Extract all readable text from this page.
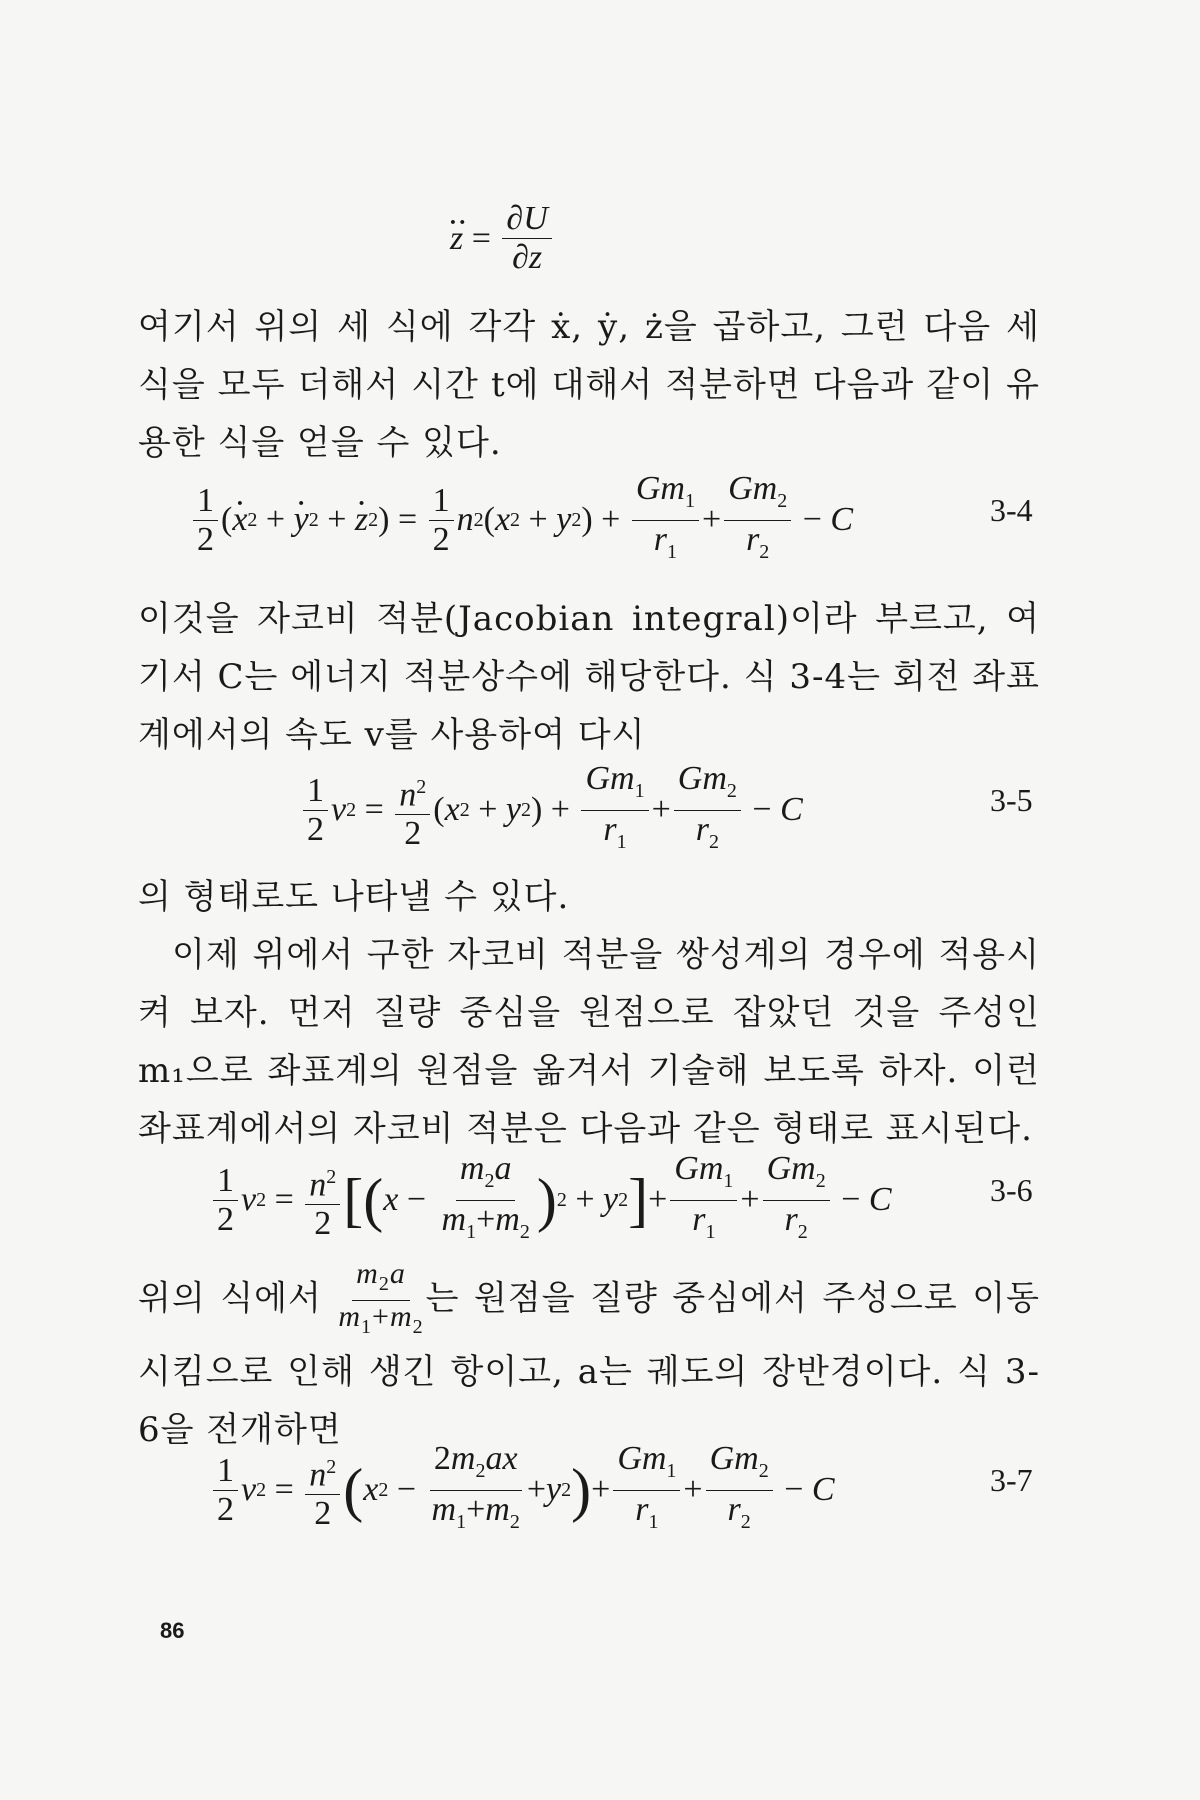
z ·· = $\frac{\partial U}{\partial z}$

여기서 위의 세 식에 각각 ẋ, ẏ, ż을 곱하고, 그런 다음 세 식을 모두 더해서 시간 t에 대해서 적분하면 다음과 같이 유용한 식을 얻을 수 있다.

$\frac{1}{2}$ ( x · 2 + y · 2 + z · 2 ) = $\frac{1}{2}$ n 2 ( x 2 + y 2 ) + $\frac{Gm_1}{r_1} + \frac{Gm_2}{r_2} - C$	3-4

이것을 자코비 적분(Jacobian integral)이라 부르고, 여기서 C는 에너지 적분상수에 해당한다. 식 3-4는 회전 좌표계에서의 속도 v를 사용하여 다시

$\frac{1}{2}$ v $2 = \frac{n^2}{2}$ ( x 2 + y 2 ) + $\frac{Gm_1}{r_1} + \frac{Gm_2}{r_2} - C$	3-5

의 형태로도 나타낼 수 있다.

이제 위에서 구한 자코비 적분을 쌍성계의 경우에 적용시켜 보자. 먼저 질량 중심을 원점으로 잡았던 것을 주성인 m₁으로 좌표계의 원점을 옮겨서 기술해 보도록 하자. 이런 좌표계에서의 자코비 적분은 다음과 같은 형태로 표시된다.

$\frac{1}{2}$ v $2 = \frac{n^2}{2}$ [ ( $x - \frac{m_2a}{m_1+m_2}$ ) 2 + y 2 ] + $\frac{Gm_1}{r_1} + \frac{Gm_2}{r_2} - C$	3-6
위의 식에서 $\frac{m_2a}{m_1+m_2}$ 는 원점을 질량 중심에서 주성으로 이동시킴으로 인해 생긴 항이고, a는 궤도의 장반경이다. 식 3-6을 전개하면
$\frac{1}{2}$ v $2 = \frac{n^2}{2}$ ( x $2 - \frac{2m_2ax}{m_1+m_2} + y$ 2 ) + $\frac{Gm_1}{r_1} + \frac{Gm_2}{r_2} - C$	3-7
86
